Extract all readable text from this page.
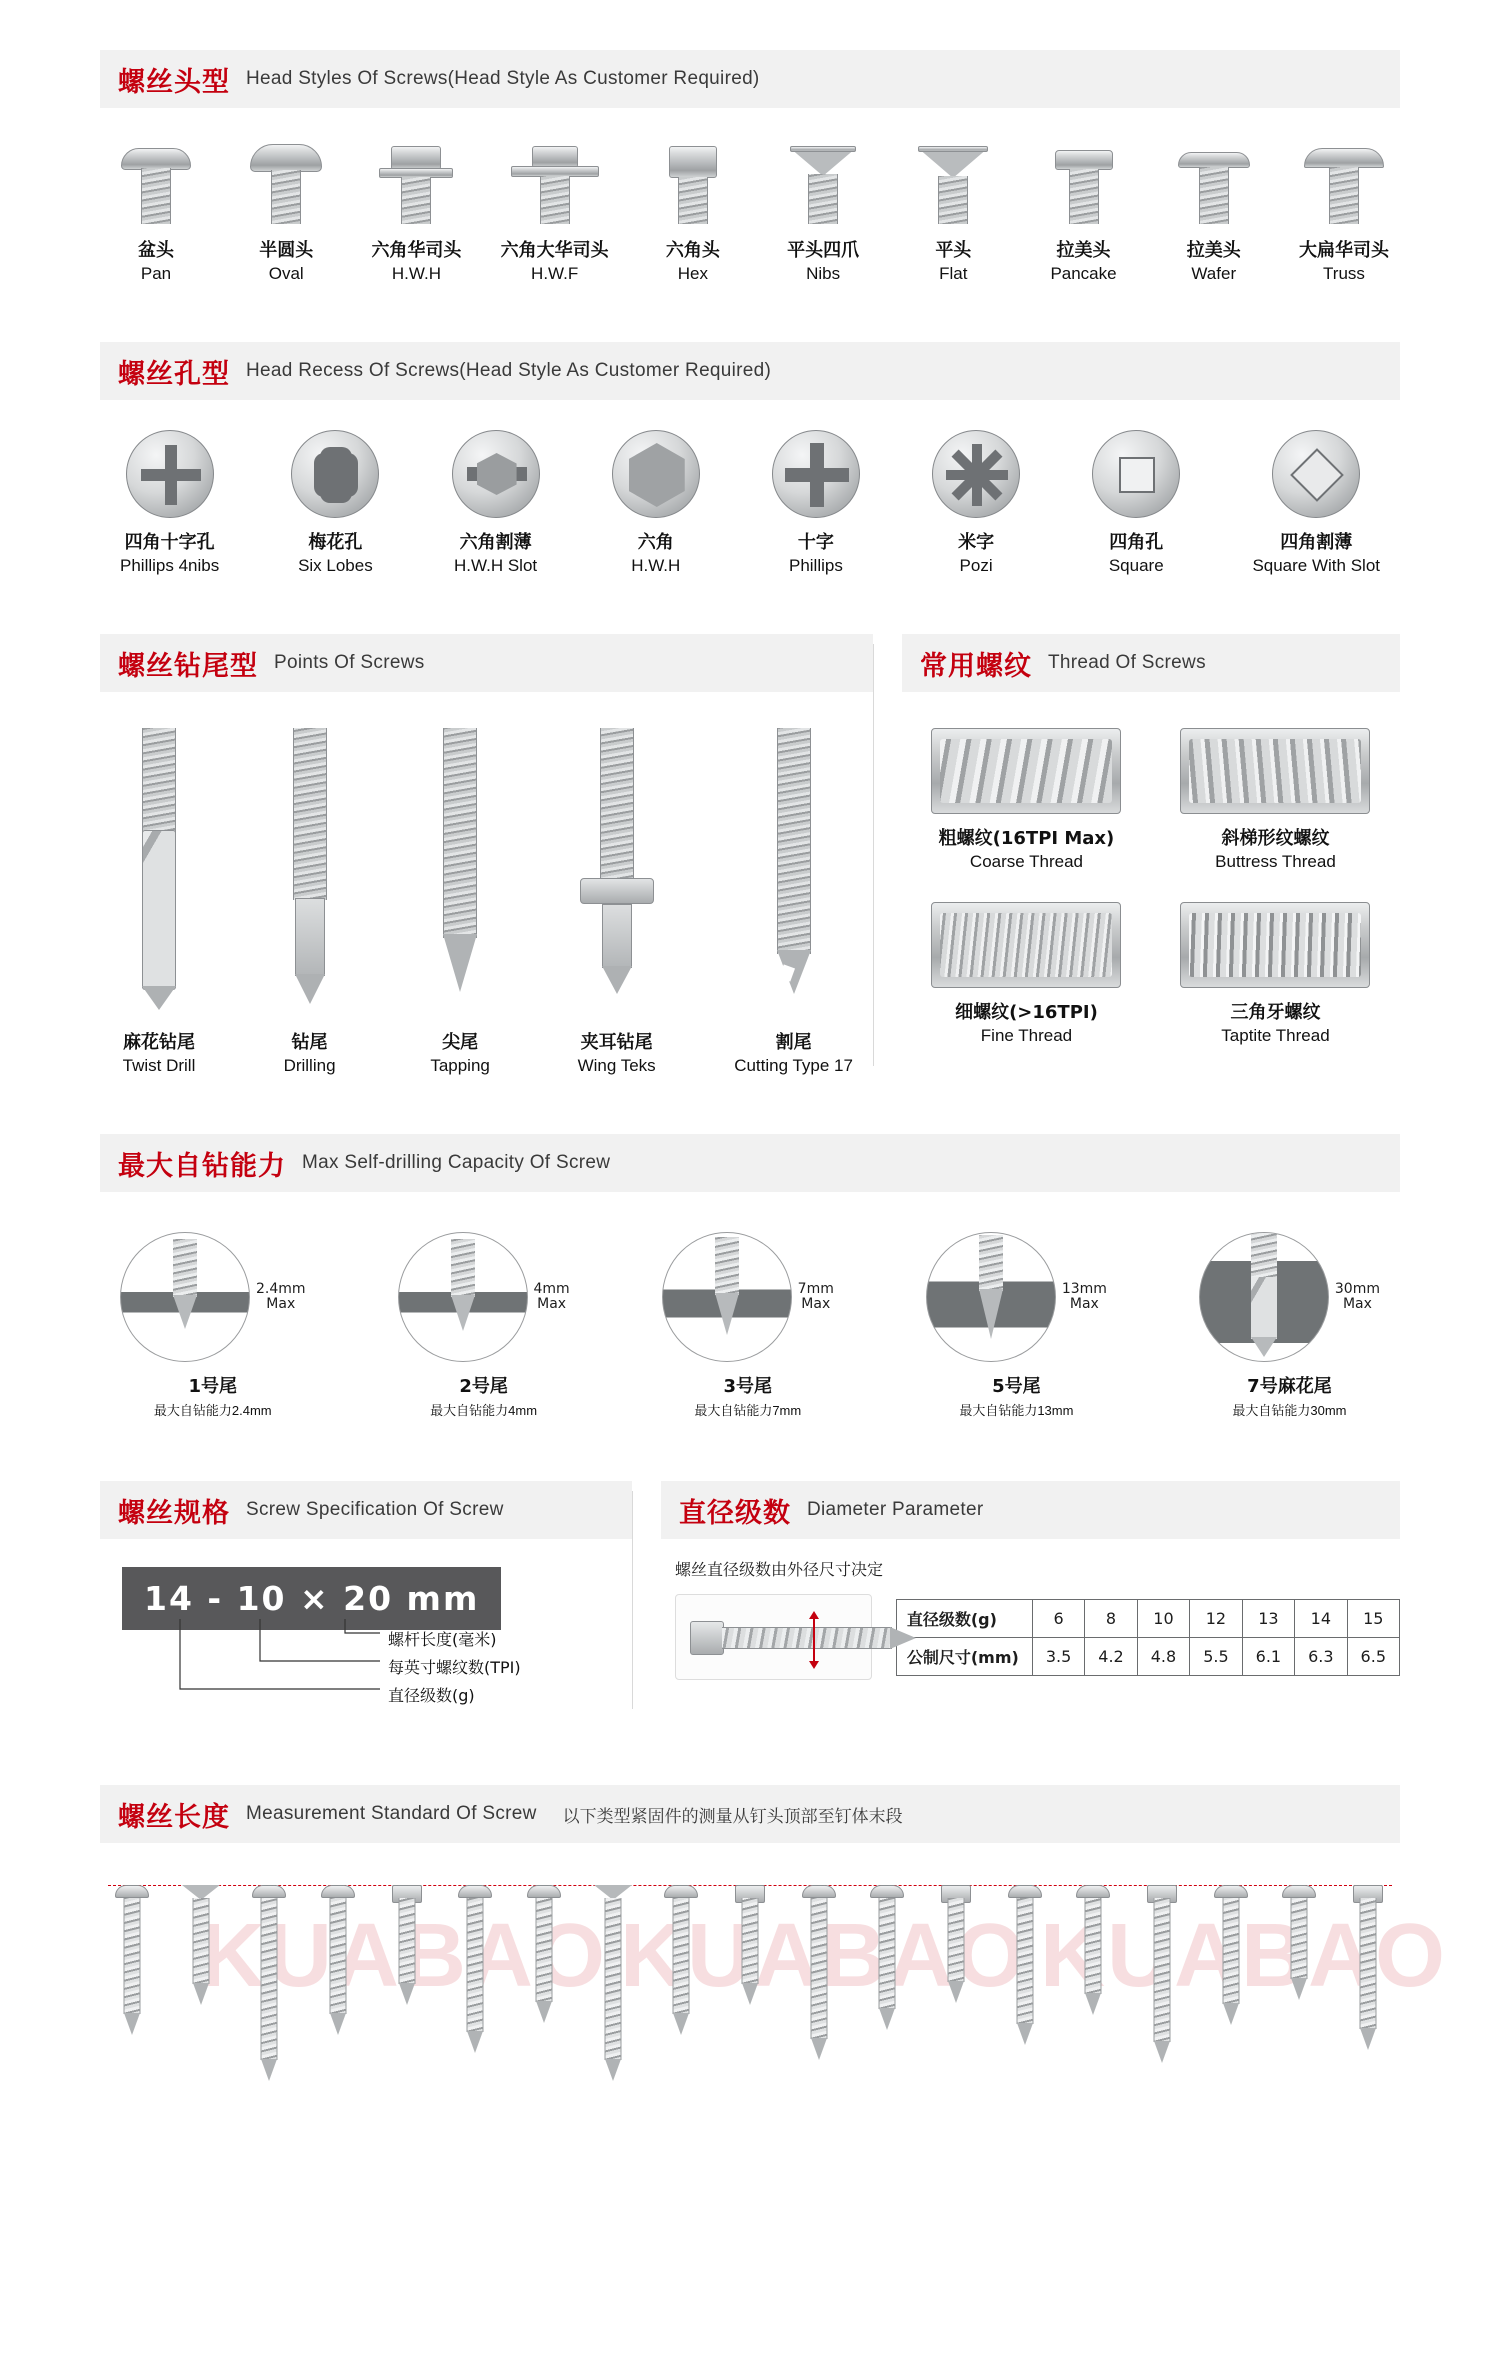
螺丝头型 Head Styles Of Screws(Head Style As Customer Required)
盆头
Pan
半圆头
Oval
六角华司头
H.W.H
六角大华司头
H.W.F
六角头
Hex
平头四爪
Nibs
平头
Flat
拉美头
Pancake
拉美头
Wafer
大扁华司头
Truss
螺丝孔型 Head Recess Of Screws(Head Style As Customer Required)
四角十字孔
Phillips 4nibs
梅花孔
Six Lobes
六角割薄
H.W.H Slot
六角
H.W.H
十字
Phillips
米字
Pozi
四角孔
Square
四角割薄
Square With Slot
螺丝钻尾型 Points Of Screws
麻花钻尾
Twist Drill
钻尾
Drilling
尖尾
Tapping
夹耳钻尾
Wing Teks
割尾
Cutting Type 17
常用螺纹 Thread Of Screws
粗螺纹(16TPI Max)
Coarse Thread
斜梯形纹螺纹
Buttress Thread
细螺纹(>16TPI)
Fine Thread
三角牙螺纹
Taptite Thread
最大自钻能力 Max Self-drilling Capacity Of Screw
2.4mm
Max
1号尾
最大自钻能力2.4mm
4mm
Max
2号尾
最大自钻能力4mm
7mm
Max
3号尾
最大自钻能力7mm
13mm
Max
5号尾
最大自钻能力13mm
30mm
Max
7号麻花尾
最大自钻能力30mm
螺丝规格 Screw Specification Of Screw
14 - 10 × 20 mm
螺杆长度(毫米)
每英寸螺纹数(TPI)
直径级数(g)
直径级数 Diameter Parameter
螺丝直径级数由外径尺寸决定
直径级数(g)	6	8	10	12	13	14	15
公制尺寸(mm)	3.5	4.2	4.8	5.5	6.1	6.3	6.5
螺丝长度 Measurement Standard Of Screw 以下类型紧固件的测量从钉头顶部至钉体末段
KUABAO
